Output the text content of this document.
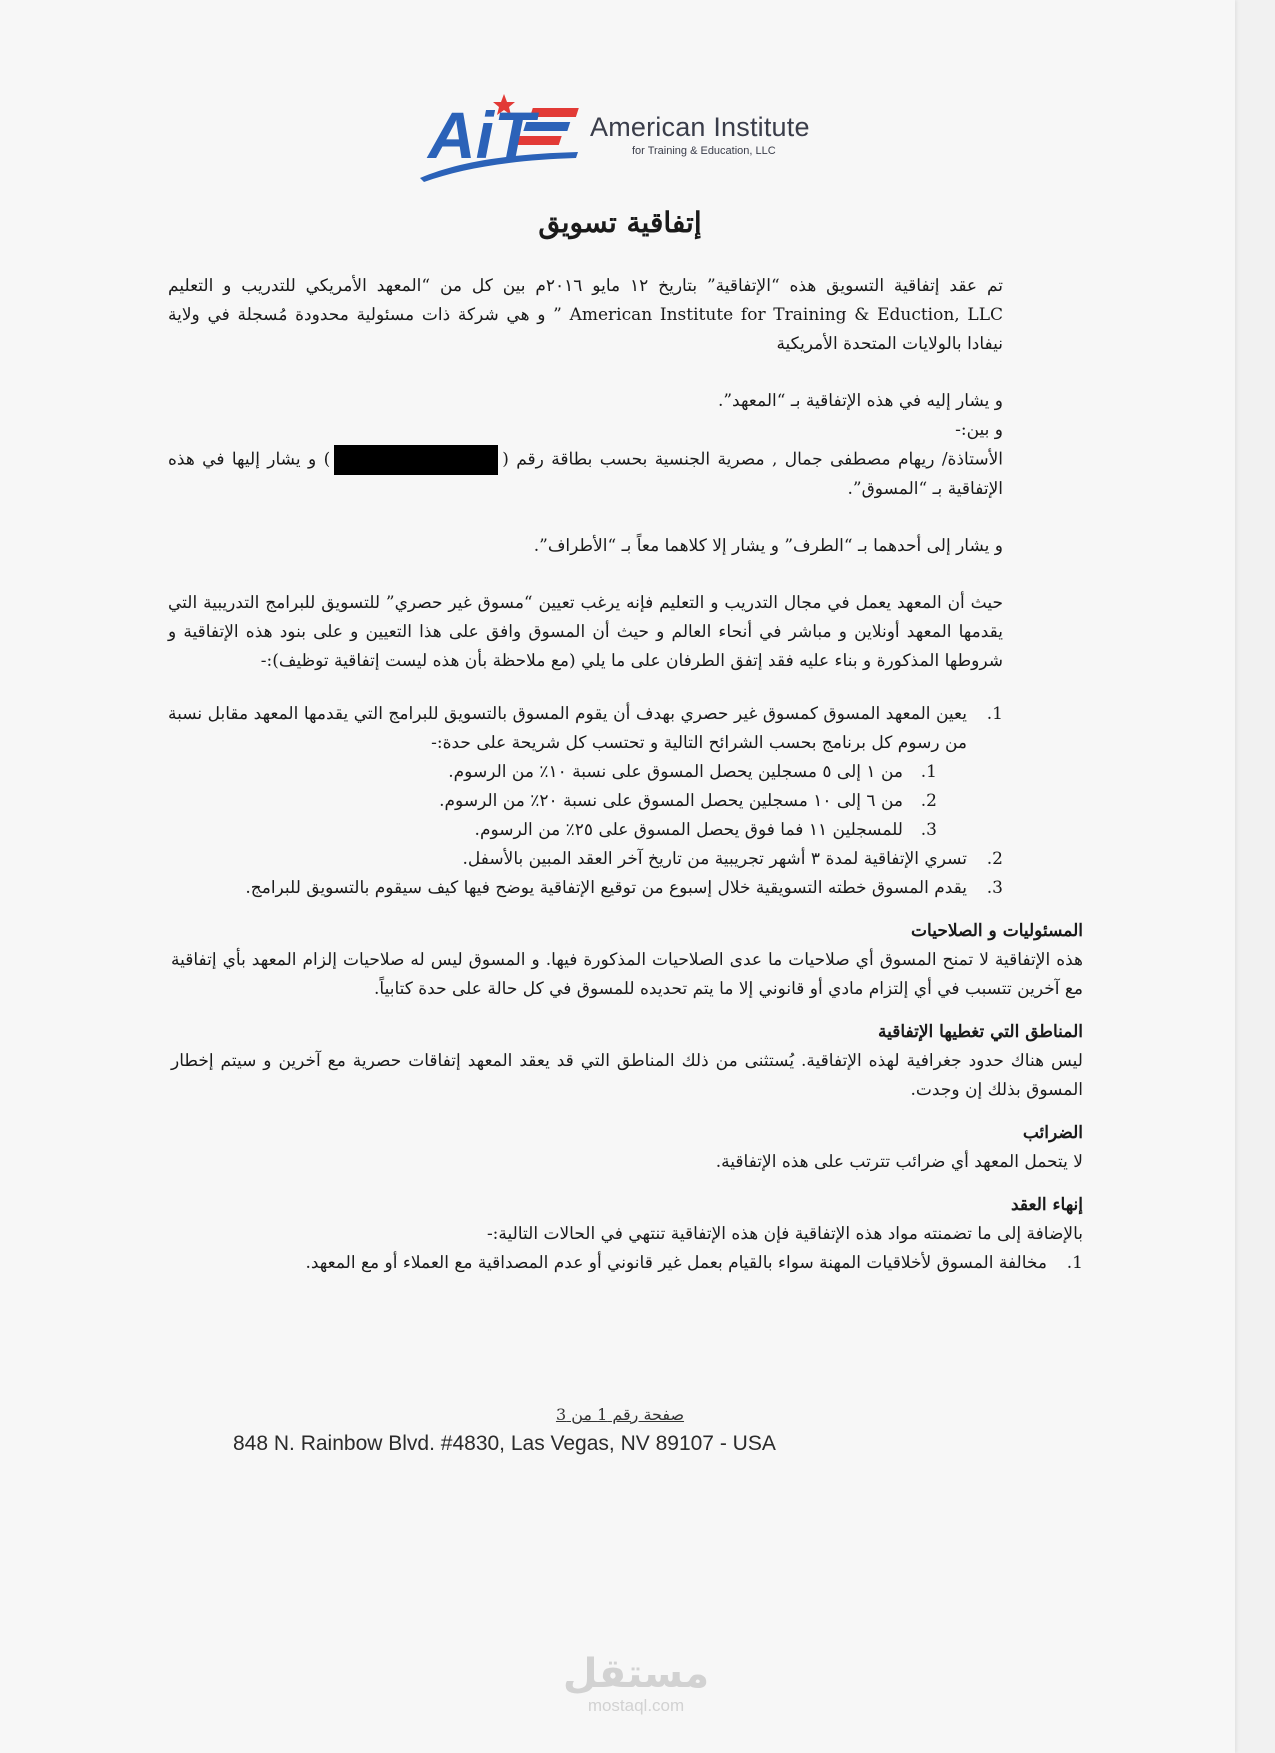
AiT American Institute
for Training & Education, LLC
إتفاقية تسويق

تم عقد إتفاقية التسويق هذه “الإتفاقية” بتاريخ ١٢ مايو ٢٠١٦م بين كل من “المعهد الأمريكي للتدريب و التعليم American Institute for Training & Eduction, LLC ” و هي شركة ذات مسئولية محدودة مُسجلة في ولاية نيفادا بالولايات المتحدة الأمريكية

و يشار إليه في هذه الإتفاقية بـ “المعهد”.

و بين:-

الأستاذة/ ريهام مصطفى جمال , مصرية الجنسية بحسب بطاقة رقم () و يشار إليها في هذه الإتفاقية بـ “المسوق”.

و يشار إلى أحدهما بـ “الطرف” و يشار إلا كلاهما معاً بـ “الأطراف”.

حيث أن المعهد يعمل في مجال التدريب و التعليم فإنه يرغب تعيين “مسوق غير حصري” للتسويق للبرامج التدريبية التي يقدمها المعهد أونلاين و مباشر في أنحاء العالم و حيث أن المسوق وافق على هذا التعيين و على بنود هذه الإتفاقية و شروطها المذكورة و بناء عليه فقد إتفق الطرفان على ما يلي (مع ملاحظة بأن هذه ليست إتفاقية توظيف):-

1.
يعين المعهد المسوق كمسوق غير حصري بهدف أن يقوم المسوق بالتسويق للبرامج التي يقدمها المعهد مقابل نسبة من رسوم كل برنامج بحسب الشرائح التالية و تحتسب كل شريحة على حدة:-
1.
من ١ إلى ٥ مسجلين يحصل المسوق على نسبة ١٠٪ من الرسوم.
2.
من ٦ إلى ١٠ مسجلين يحصل المسوق على نسبة ٢٠٪ من الرسوم.
3.
للمسجلين ١١ فما فوق يحصل المسوق على ٢٥٪ من الرسوم.
2.
تسري الإتفاقية لمدة ٣ أشهر تجريبية من تاريخ آخر العقد المبين بالأسفل.
3.
يقدم المسوق خطته التسويقية خلال إسبوع من توقيع الإتفاقية يوضح فيها كيف سيقوم بالتسويق للبرامج.
المسئوليات و الصلاحيات

هذه الإتفاقية لا تمنح المسوق أي صلاحيات ما عدى الصلاحيات المذكورة فيها. و المسوق ليس له صلاحيات إلزام المعهد بأي إتفاقية مع آخرين تتسبب في أي إلتزام مادي أو قانوني إلا ما يتم تحديده للمسوق في كل حالة على حدة كتابياً.

المناطق التي تغطيها الإتفاقية

ليس هناك حدود جغرافية لهذه الإتفاقية. يُستثنى من ذلك المناطق التي قد يعقد المعهد إتفاقات حصرية مع آخرين و سيتم إخطار المسوق بذلك إن وجدت.

الضرائب

لا يتحمل المعهد أي ضرائب تترتب على هذه الإتفاقية.

إنهاء العقد

بالإضافة إلى ما تضمنته مواد هذه الإتفاقية فإن هذه الإتفاقية تنتهي في الحالات التالية:-

1.
مخالفة المسوق لأخلاقيات المهنة سواء بالقيام بعمل غير قانوني أو عدم المصداقية مع العملاء أو مع المعهد.
صفحة رقم 1 من 3
848 N. Rainbow Blvd. #4830, Las Vegas, NV 89107 - USA
مستقل
mostaql.com
